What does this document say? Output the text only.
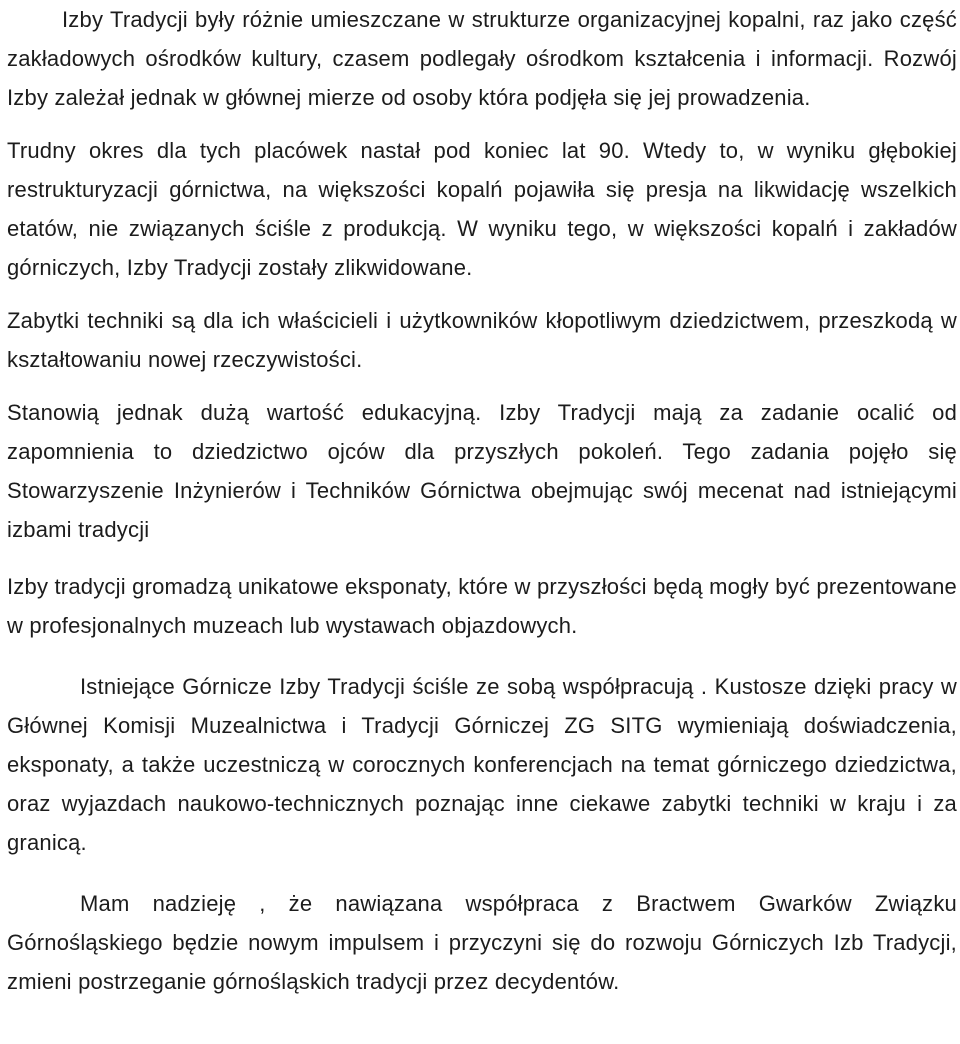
Izby Tradycji były różnie umieszczane w strukturze organizacyjnej kopalni, raz jako część zakładowych ośrodków kultury, czasem podlegały ośrodkom kształcenia i informacji. Rozwój Izby zależał jednak w głównej mierze od osoby która podjęła się jej prowadzenia.

Trudny okres dla tych placówek nastał pod koniec lat 90. Wtedy to, w wyniku głębokiej restrukturyzacji górnictwa, na większości kopalń pojawiła się presja na likwidację wszelkich etatów, nie związanych ściśle z produkcją. W wyniku tego, w większości kopalń i zakładów górniczych, Izby Tradycji zostały zlikwidowane.

Zabytki techniki są dla ich właścicieli i użytkowników kłopotliwym dziedzictwem, przeszkodą w kształtowaniu nowej rzeczywistości.

Stanowią jednak dużą wartość edukacyjną. Izby Tradycji mają za zadanie ocalić od zapomnienia to dziedzictwo ojców dla przyszłych pokoleń. Tego zadania pojęło się Stowarzyszenie Inżynierów i Techników Górnictwa obejmując swój mecenat nad istniejącymi izbami tradycji

Izby tradycji gromadzą unikatowe eksponaty, które w przyszłości będą mogły być prezentowane w profesjonalnych muzeach lub wystawach objazdowych.

Istniejące Górnicze Izby Tradycji ściśle ze sobą współpracują . Kustosze dzięki pracy w Głównej Komisji Muzealnictwa i Tradycji Górniczej ZG SITG wymieniają doświadczenia, eksponaty, a także uczestniczą w corocznych konferencjach na temat górniczego dziedzictwa, oraz wyjazdach naukowo-technicznych poznając inne ciekawe zabytki techniki w kraju i za granicą.

Mam nadzieję , że nawiązana współpraca z Bractwem Gwarków Związku Górnośląskiego będzie nowym impulsem i przyczyni się do rozwoju Górniczych Izb Tradycji, zmieni postrzeganie górnośląskich tradycji przez decydentów.
